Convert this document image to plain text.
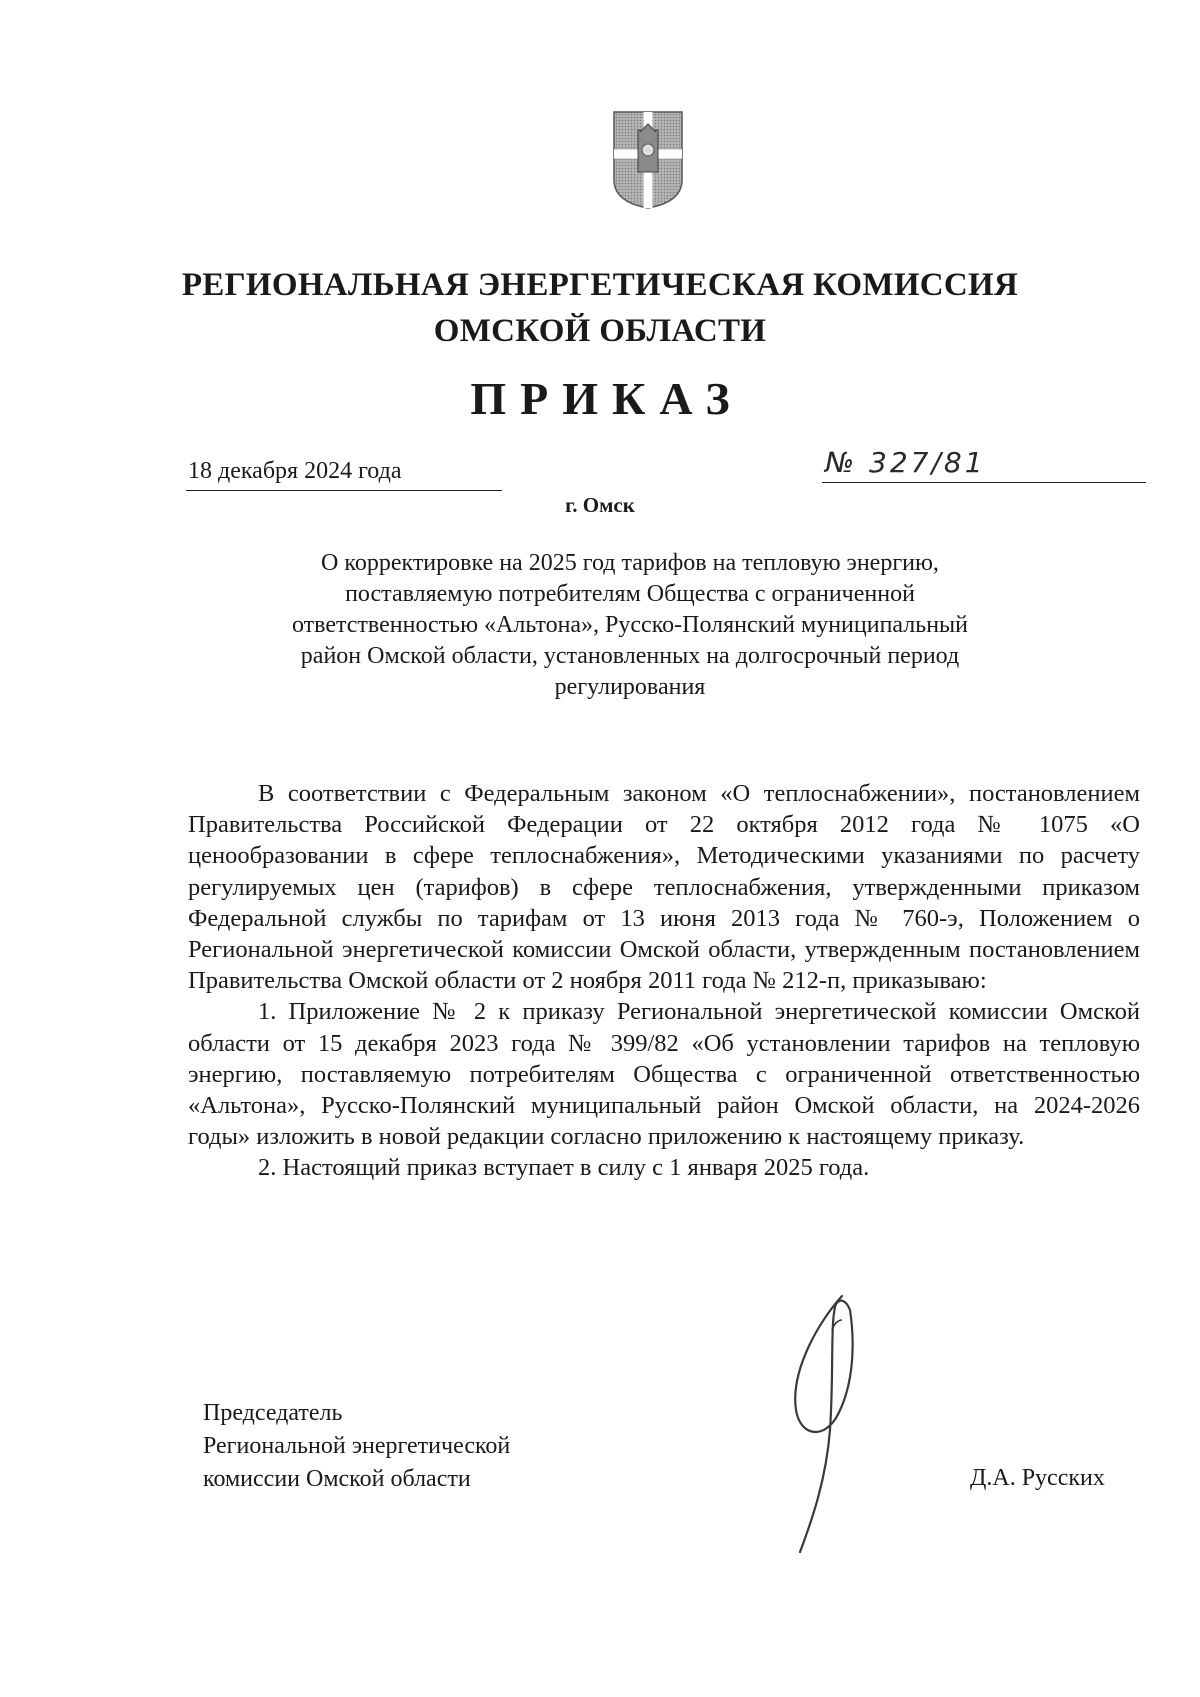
РЕГИОНАЛЬНАЯ ЭНЕРГЕТИЧЕСКАЯ КОМИССИЯ
ОМСКОЙ ОБЛАСТИ
ПРИКАЗ
18 декабря 2024 года	№ 327/81
г. Омск
О корректировке на 2025 год тарифов на тепловую энергию,
поставляемую потребителям Общества с ограниченной
ответственностью «Альтона», Русско-Полянский муниципальный
район Омской области, установленных на долгосрочный период
регулирования

В соответствии с Федеральным законом «О теплоснабжении», постановлением Правительства Российской Федерации от 22 октября 2012 года № 1075 «О ценообразовании в сфере теплоснабжения», Методическими указаниями по расчету регулируемых цен (тарифов) в сфере теплоснабжения, утвержденными приказом Федеральной службы по тарифам от 13 июня 2013 года № 760-э, Положением о Региональной энергетической комиссии Омской области, утвержденным постановлением Правительства Омской области от 2 ноября 2011 года № 212-п, приказываю:

1. Приложение № 2 к приказу Региональной энергетической комиссии Омской области от 15 декабря 2023 года № 399/82 «Об установлении тарифов на тепловую энергию, поставляемую потребителям Общества с ограниченной ответственностью «Альтона», Русско-Полянский муниципальный район Омской области, на 2024-2026 годы» изложить в новой редакции согласно приложению к настоящему приказу.

2. Настоящий приказ вступает в силу с 1 января 2025 года.

Председатель
Региональной энергетической
комиссии Омской области	Д.А. Русских
